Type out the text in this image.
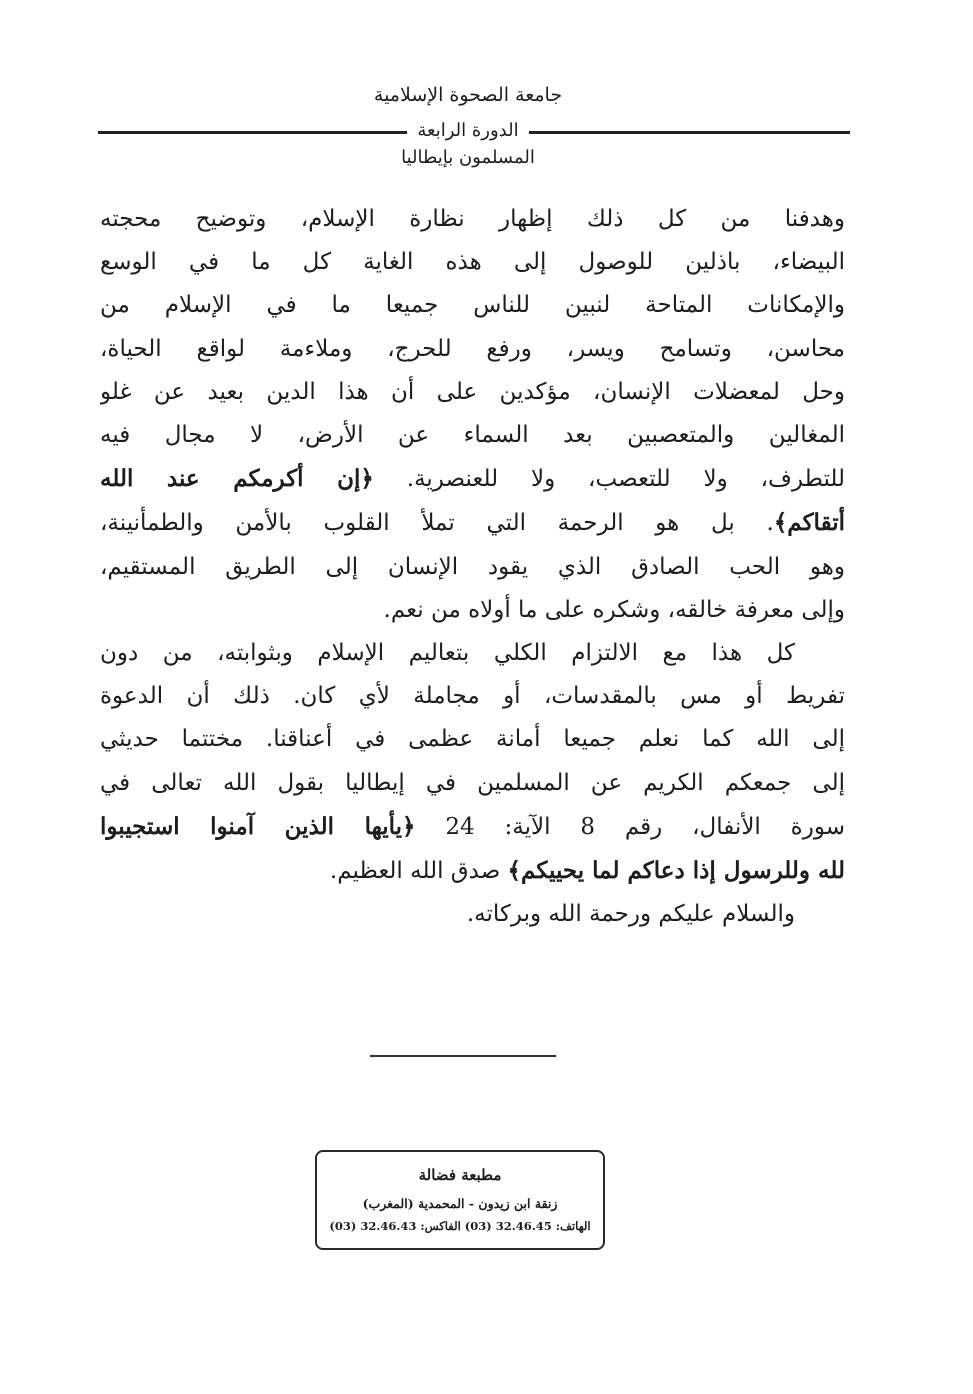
جامعة الصحوة الإسلامية
الدورة الرابعة
المسلمون بإيطاليا
وهدفنا من كل ذلك إظهار نظارة الإسلام، وتوضيح محجته
البيضاء، باذلين للوصول إلى هذه الغاية كل ما في الوسع
والإمكانات المتاحة لنبين للناس جميعا ما في الإسلام من
محاسن، وتسامح ويسر، ورفع للحرج، وملاءمة لواقع الحياة،
وحل لمعضلات الإنسان، مؤكدين على أن هذا الدين بعيد عن غلو
المغالين والمتعصبين بعد السماء عن الأرض، لا مجال فيه
للتطرف، ولا للتعصب، ولا للعنصرية. ﴿إن أكرمكم عند الله
أتقاكم﴾. بل هو الرحمة التي تملأ القلوب بالأمن والطمأنينة،
وهو الحب الصادق الذي يقود الإنسان إلى الطريق المستقيم،
وإلى معرفة خالقه، وشكره على ما أولاه من نعم.
كل هذا مع الالتزام الكلي بتعاليم الإسلام وبثوابته، من دون
تفريط أو مس بالمقدسات، أو مجاملة لأي كان. ذلك أن الدعوة
إلى الله كما نعلم جميعا أمانة عظمى في أعناقنا. مختتما حديثي
إلى جمعكم الكريم عن المسلمين في إيطاليا بقول الله تعالى في
سورة الأنفال، رقم 8 الآية: 24 ﴿يأيها الذين آمنوا استجيبوا
لله وللرسول إذا دعاكم لما يحييكم﴾ صدق الله العظيم.
والسلام عليكم ورحمة الله وبركاته.
مطبعة فضالة
زنقة ابن زيدون - المحمدية (المغرب)
الهاتف: 32.46.45 (03) الفاكس: 32.46.43 (03)
